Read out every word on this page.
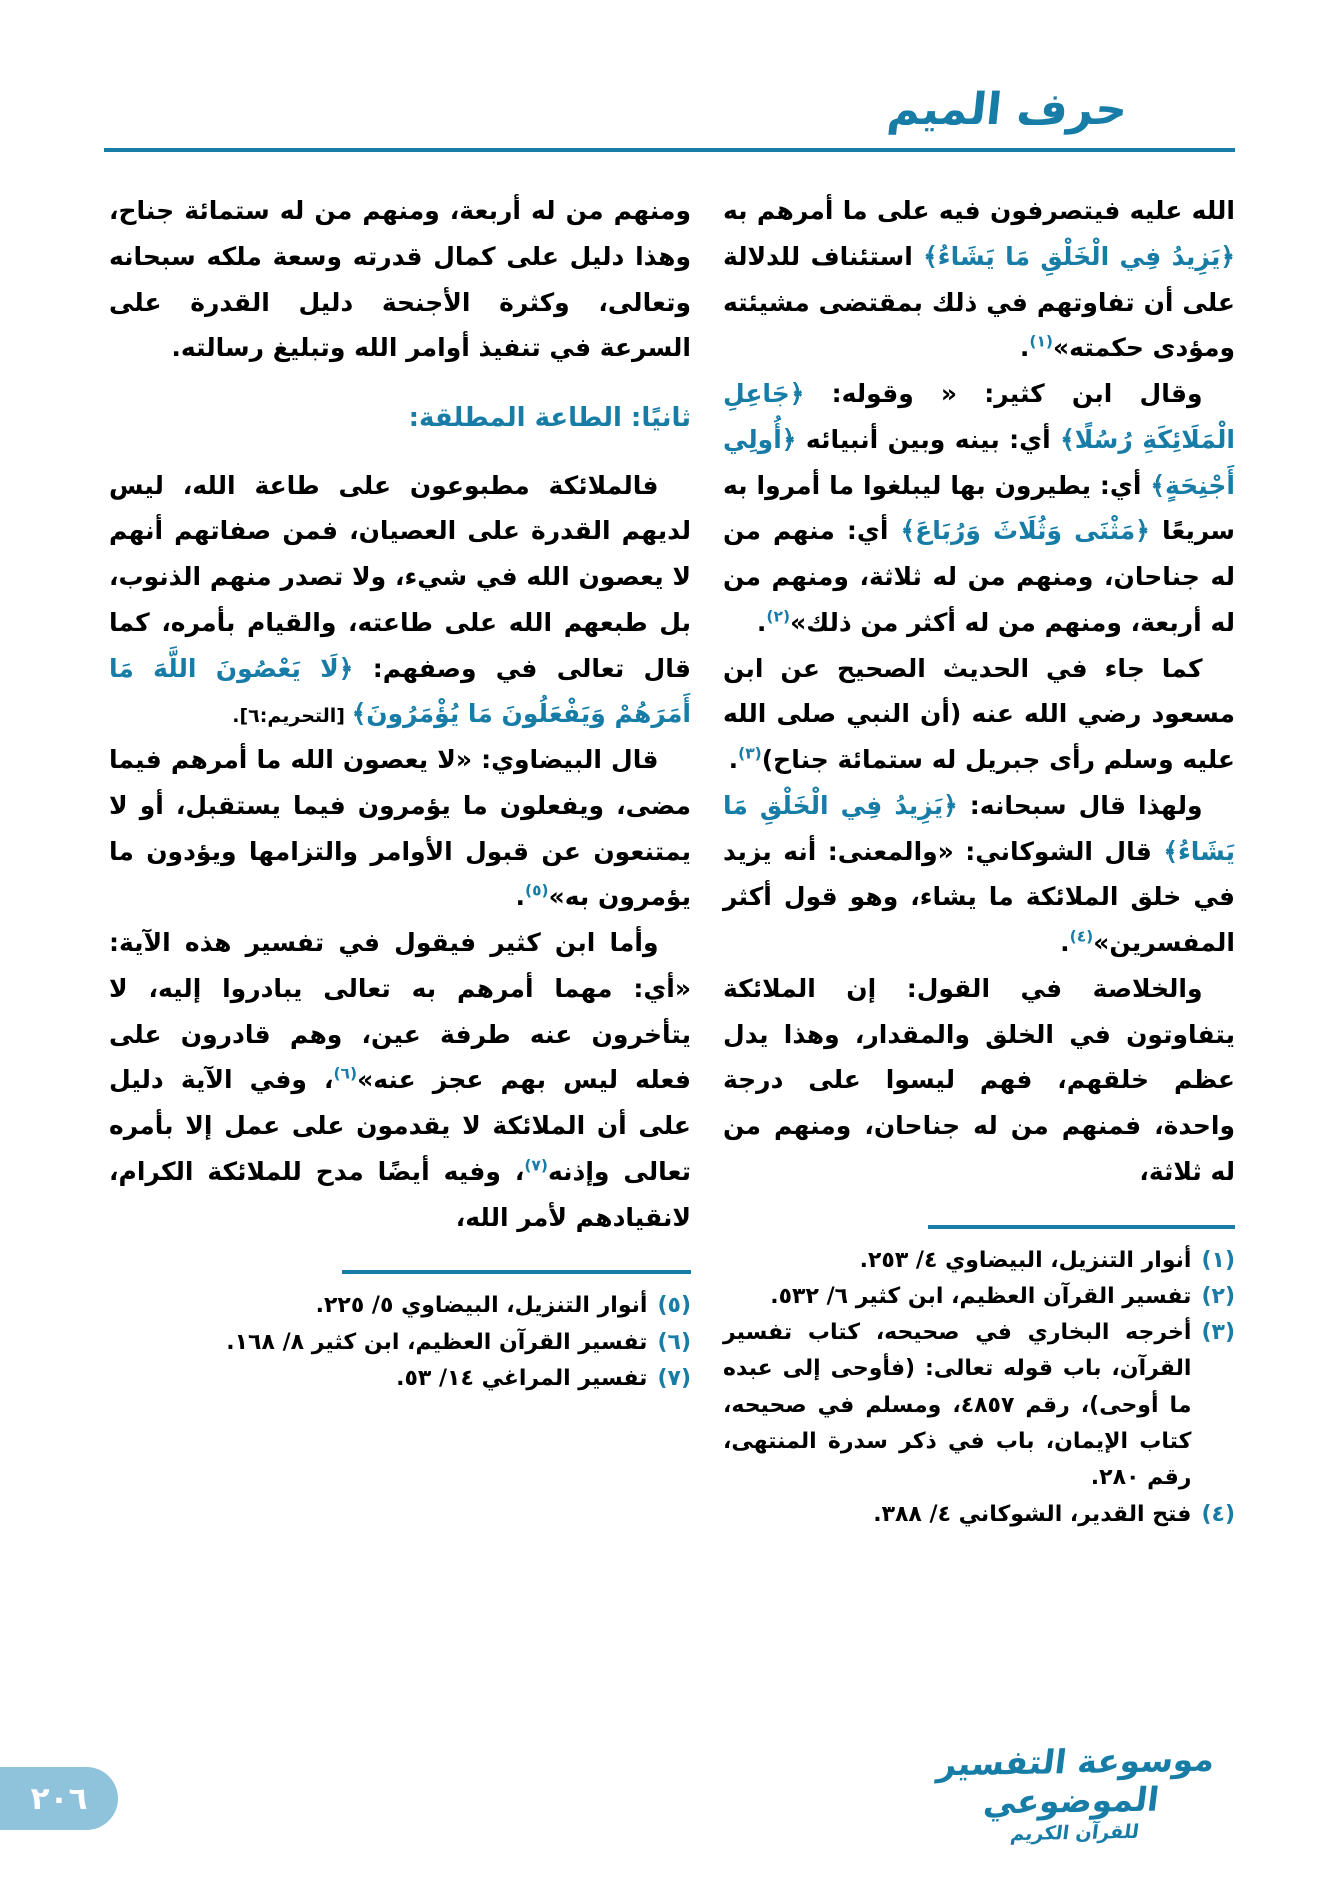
حرف الميم

الله عليه فيتصرفون فيه على ما أمرهم به ﴿يَزِيدُ فِي الْخَلْقِ مَا يَشَاءُ﴾ استئناف للدلالة على أن تفاوتهم في ذلك بمقتضى مشيئته ومؤدى حكمته»$^{(١)}$.

وقال ابن كثير: « وقوله: ﴿جَاعِلِ الْمَلَائِكَةِ رُسُلًا﴾ أي: بينه وبين أنبيائه ﴿أُولِي أَجْنِحَةٍ﴾ أي: يطيرون بها ليبلغوا ما أمروا به سريعًا ﴿مَثْنَى وَثُلَاثَ وَرُبَاعَ﴾ أي: منهم من له جناحان، ومنهم من له ثلاثة، ومنهم من له أربعة، ومنهم من له أكثر من ذلك»$^{(٢)}$.

كما جاء في الحديث الصحيح عن ابن مسعود رضي الله عنه (أن النبي صلى الله عليه وسلم رأى جبريل له ستمائة جناح)$^{(٣)}$.

ولهذا قال سبحانه: ﴿يَزِيدُ فِي الْخَلْقِ مَا يَشَاءُ﴾ قال الشوكاني: «والمعنى: أنه يزيد في خلق الملائكة ما يشاء، وهو قول أكثر المفسرين»$^{(٤)}$.

والخلاصة في القول: إن الملائكة يتفاوتون في الخلق والمقدار، وهذا يدل عظم خلقهم، فهم ليسوا على درجة واحدة، فمنهم من له جناحان، ومنهم من له ثلاثة،

(١)
أنوار التنزيل، البيضاوي ٤/ ٢٥٣.
(٢)
تفسير القرآن العظيم، ابن كثير ٦/ ٥٣٢.
(٣)
أخرجه البخاري في صحيحه، كتاب تفسير القرآن، باب قوله تعالى: (فأوحى إلى عبده ما أوحى)، رقم ٤٨٥٧، ومسلم في صحيحه، كتاب الإيمان، باب في ذكر سدرة المنتهى، رقم ٢٨٠.
(٤)
فتح القدير، الشوكاني ٤/ ٣٨٨.

ومنهم من له أربعة، ومنهم من له ستمائة جناح، وهذا دليل على كمال قدرته وسعة ملكه سبحانه وتعالى، وكثرة الأجنحة دليل القدرة على السرعة في تنفيذ أوامر الله وتبليغ رسالته.

ثانيًا: الطاعة المطلقة:

فالملائكة مطبوعون على طاعة الله، ليس لديهم القدرة على العصيان، فمن صفاتهم أنهم لا يعصون الله في شيء، ولا تصدر منهم الذنوب، بل طبعهم الله على طاعته، والقيام بأمره، كما قال تعالى في وصفهم: ﴿لَا يَعْصُونَ اللَّهَ مَا أَمَرَهُمْ وَيَفْعَلُونَ مَا يُؤْمَرُونَ﴾ [التحريم:٦].

قال البيضاوي: «لا يعصون الله ما أمرهم فيما مضى، ويفعلون ما يؤمرون فيما يستقبل، أو لا يمتنعون عن قبول الأوامر والتزامها ويؤدون ما يؤمرون به»$^{(٥)}$.

وأما ابن كثير فيقول في تفسير هذه الآية: «أي: مهما أمرهم به تعالى يبادروا إليه، لا يتأخرون عنه طرفة عين، وهم قادرون على فعله ليس بهم عجز عنه»$^{(٦)}$، وفي الآية دليل على أن الملائكة لا يقدمون على عمل إلا بأمره تعالى وإذنه$^{(٧)}$، وفيه أيضًا مدح للملائكة الكرام، لانقيادهم لأمر الله،

(٥)
أنوار التنزيل، البيضاوي ٥/ ٢٢٥.
(٦)
تفسير القرآن العظيم، ابن كثير ٨/ ١٦٨.
(٧)
تفسير المراغي ١٤/ ٥٣.
موسوعة التفسير الموضوعي
للقرآن الكريم
٢٠٦
